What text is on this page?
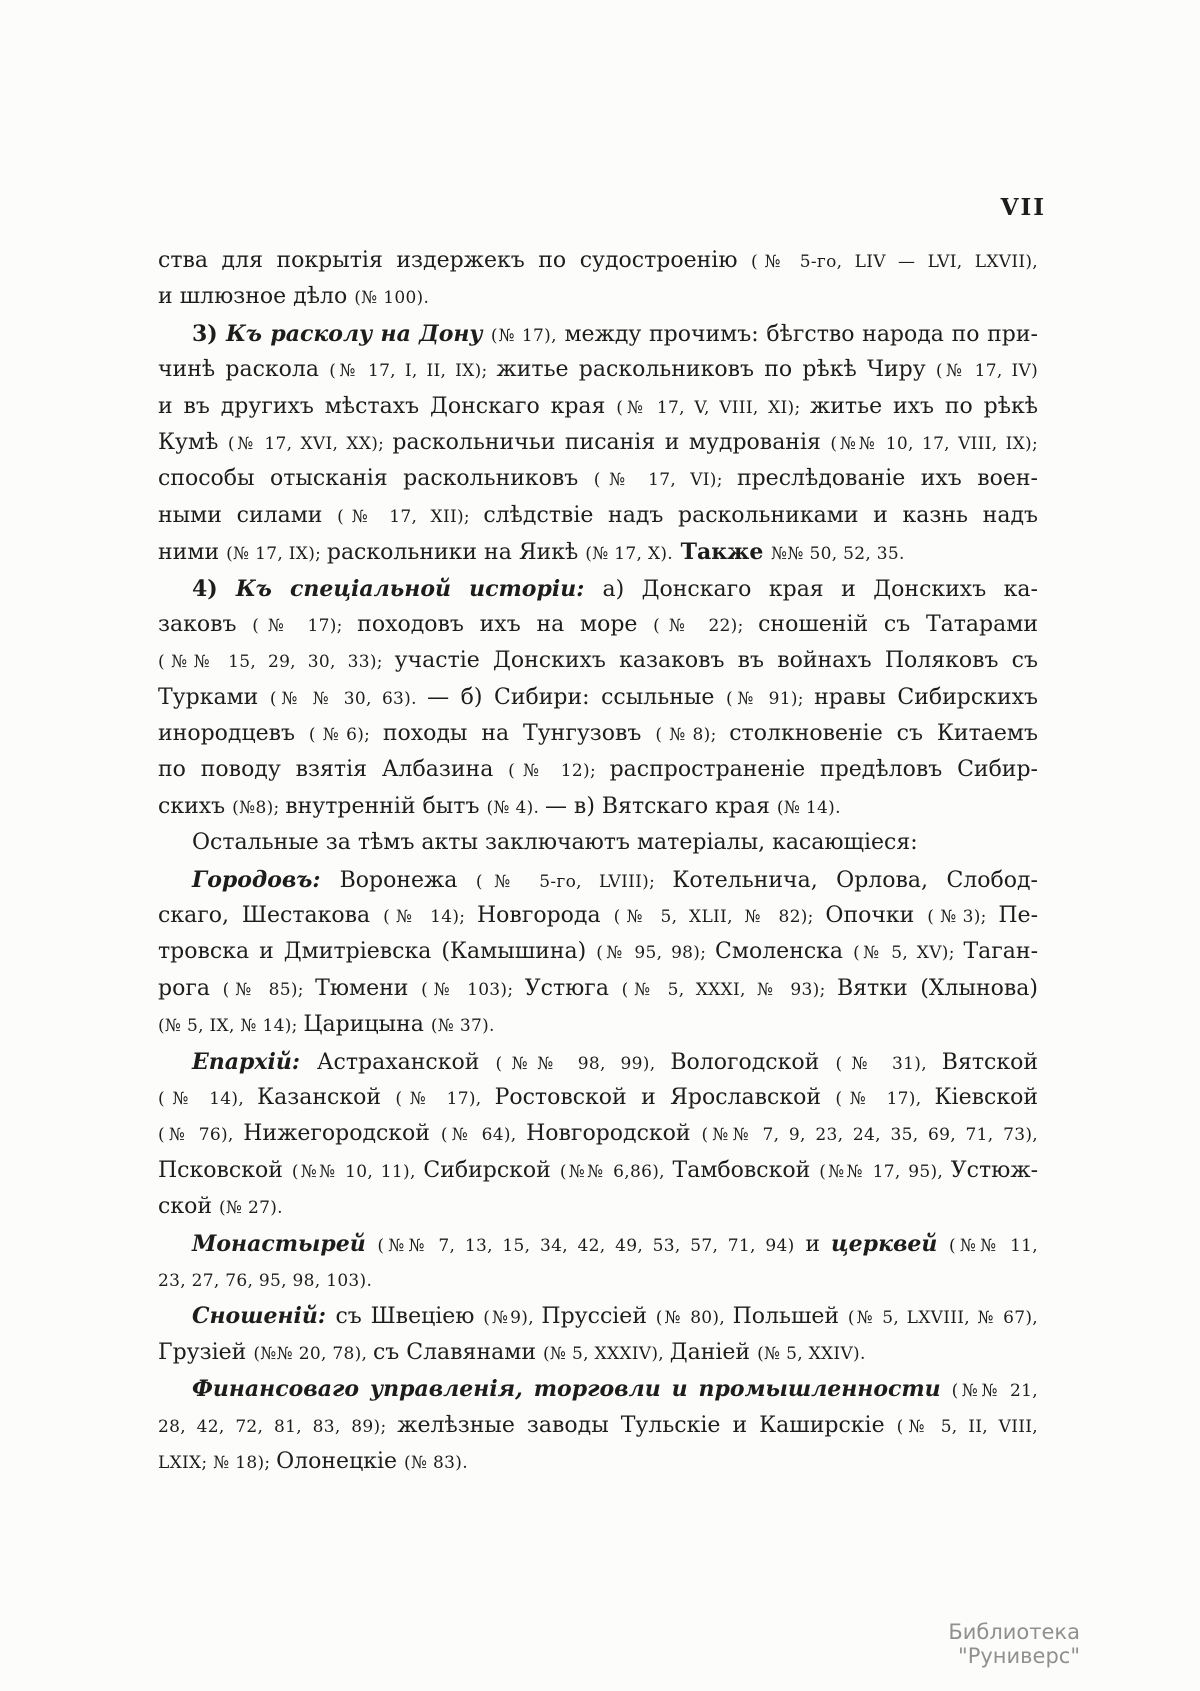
VII
ства для покрытія издержекъ по судостроенію (№ 5-го, LIV — LVI, LXVII),
и шлюзное дѣло (№ 100).
3) Къ расколу на Дону (№ 17), между прочимъ: бѣгство народа по при-
чинѣ раскола (№ 17, I, II, IX); житье раскольниковъ по рѣкѣ Чиру (№ 17, IV)
и въ другихъ мѣстахъ Донскаго края (№ 17, V, VIII, XI); житье ихъ по рѣкѣ
Кумѣ (№ 17, XVI, XX); раскольничьи писанія и мудрованія (№№ 10, 17, VIII, IX);
способы отысканія раскольниковъ (№ 17, VI); преслѣдованіе ихъ воен-
ными силами (№ 17, XII); слѣдствіе надъ раскольниками и казнь надъ
ними (№ 17, IX); раскольники на Яикѣ (№ 17, X). Также №№ 50, 52, 35.
4) Къ спеціальной исторіи: а) Донскаго края и Донскихъ ка-
заковъ (№ 17); походовъ ихъ на море (№ 22); сношеній съ Татарами
(№№ 15, 29, 30, 33); участіе Донскихъ казаковъ въ войнахъ Поляковъ съ
Турками (№ № 30, 63). — б) Сибири: ссыльные (№ 91); нравы Сибирскихъ
инородцевъ (№6); походы на Тунгузовъ (№8); столкновеніе съ Китаемъ
по поводу взятія Албазина (№ 12); распространеніе предѣловъ Сибир-
скихъ (№8); внутренній бытъ (№ 4). — в) Вятскаго края (№ 14).
Остальные за тѣмъ акты заключаютъ матеріалы, касающіеся:
Городовъ: Воронежа (№ 5-го, LVIII); Котельнича, Орлова, Слобод-
скаго, Шестакова (№ 14); Новгорода (№ 5, XLII, № 82); Опочки (№3); Пе-
тровска и Дмитріевска (Камышина) (№ 95, 98); Смоленска (№ 5, XV); Таган-
рога (№ 85); Тюмени (№ 103); Устюга (№ 5, XXXI, № 93); Вятки (Хлынова)
(№ 5, IX, № 14); Царицына (№ 37).
Епархій: Астраханской (№№ 98, 99), Вологодской (№ 31), Вятской
(№ 14), Казанской (№ 17), Ростовской и Ярославской (№ 17), Кіевской
(№ 76), Нижегородской (№ 64), Новгородской (№№ 7, 9, 23, 24, 35, 69, 71, 73),
Псковской (№№ 10, 11), Сибирской (№№ 6,86), Тамбовской (№№ 17, 95), Устюж-
ской (№ 27).
Монастырей (№№ 7, 13, 15, 34, 42, 49, 53, 57, 71, 94) и церквей (№№ 11,
23, 27, 76, 95, 98, 103).
Сношеній: съ Швеціею (№9), Пруссіей (№ 80), Польшей (№ 5, LXVIII, № 67),
Грузіей (№№ 20, 78), съ Славянами (№ 5, XXXIV), Даніей (№ 5, XXIV).
Финансоваго управленія, торговли и промышленности (№№ 21,
28, 42, 72, 81, 83, 89); желѣзные заводы Тульскіе и Каширскіе (№ 5, II, VIII,
LXIX; № 18); Олонецкіе (№ 83).
Библиотека "Руниверс"
